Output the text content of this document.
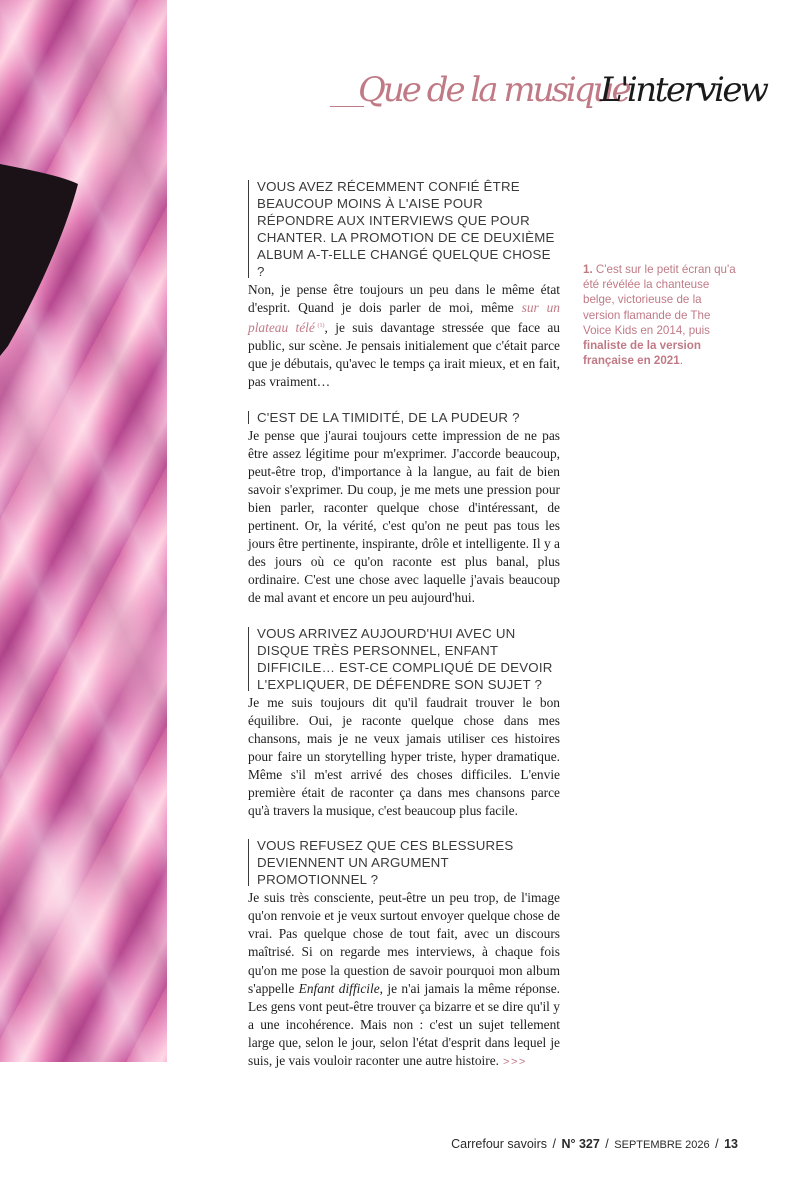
Que de la musique
L'interview
VOUS AVEZ RÉCEMMENT CONFIÉ ÊTRE BEAUCOUP MOINS À L'AISE POUR RÉPONDRE AUX INTERVIEWS QUE POUR CHANTER. LA PROMOTION DE CE DEUXIÈME ALBUM A-T-ELLE CHANGÉ QUELQUE CHOSE ?

Non, je pense être toujours un peu dans le même état d'esprit. Quand je dois parler de moi, même sur un plateau télé  $^{(1)}$, je suis davantage stressée que face au public, sur scène. Je pensais initialement que c'était parce que je débutais, qu'avec le temps ça irait mieux, et en fait, pas vraiment…

C'EST DE LA TIMIDITÉ, DE LA PUDEUR ?

Je pense que j'aurai toujours cette impression de ne pas être assez légitime pour m'exprimer. J'accorde beaucoup, peut-être trop, d'importance à la langue, au fait de bien savoir s'exprimer. Du coup, je me mets une pression pour bien parler, raconter quelque chose d'intéressant, de pertinent. Or, la vérité, c'est qu'on ne peut pas tous les jours être pertinente, inspirante, drôle et intelligente. Il y a des jours où ce qu'on raconte est plus banal, plus ordinaire. C'est une chose avec laquelle j'avais beaucoup de mal avant et encore un peu aujourd'hui.

VOUS ARRIVEZ AUJOURD'HUI AVEC UN DISQUE TRÈS PERSONNEL, ENFANT DIFFICILE… EST-CE COMPLIQUÉ DE DEVOIR L'EXPLIQUER, DE DÉFENDRE SON SUJET ?

Je me suis toujours dit qu'il faudrait trouver le bon équilibre. Oui, je raconte quelque chose dans mes chansons, mais je ne veux jamais utiliser ces histoires pour faire un storytelling hyper triste, hyper dramatique. Même s'il m'est arrivé des choses difficiles. L'envie première était de raconter ça dans mes chansons parce qu'à travers la musique, c'est beaucoup plus facile.

VOUS REFUSEZ QUE CES BLESSURES DEVIENNENT UN ARGUMENT PROMOTIONNEL ?

Je suis très consciente, peut-être un peu trop, de l'image qu'on renvoie et je veux surtout envoyer quelque chose de vrai. Pas quelque chose de tout fait, avec un discours maîtrisé. Si on regarde mes interviews, à chaque fois qu'on me pose la question de savoir pourquoi mon album s'appelle Enfant difficile, je n'ai jamais la même réponse. Les gens vont peut-être trouver ça bizarre et se dire qu'il y a une incohérence. Mais non : c'est un sujet tellement large que, selon le jour, selon l'état d'esprit dans lequel je suis, je vais vouloir raconter une autre histoire. >>>

1. C'est sur le petit écran qu'a été révélée la chanteuse belge, victorieuse de la version flamande de The Voice Kids en 2014, puis finaliste de la version française en 2021.
Carrefour savoirs / N° 327 / SEPTEMBRE 2026 / 13
